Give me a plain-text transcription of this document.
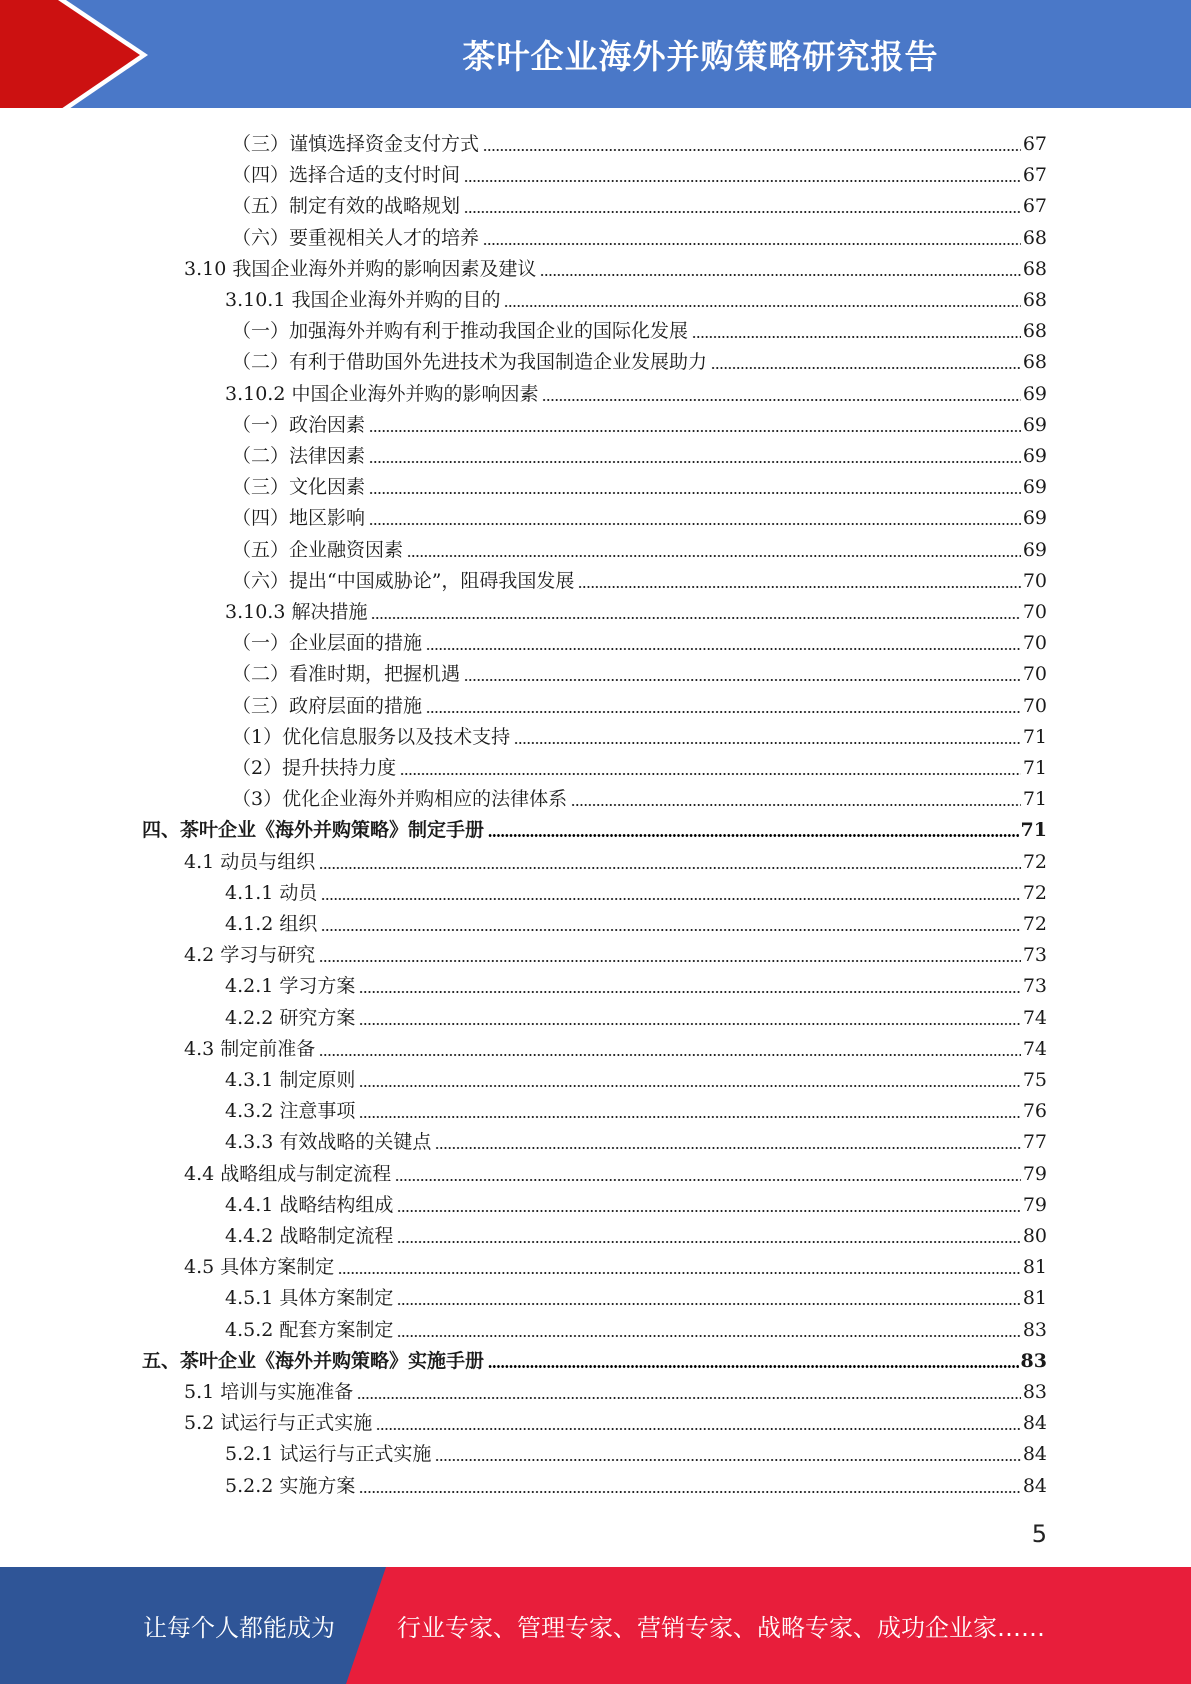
茶叶企业海外并购策略研究报告
（三）谨慎选择资金支付方式	67
（四）选择合适的支付时间	67
（五）制定有效的战略规划	67
（六）要重视相关人才的培养	68
3.10 我国企业海外并购的影响因素及建议	68
3.10.1 我国企业海外并购的目的	68
（一）加强海外并购有利于推动我国企业的国际化发展	68
（二）有利于借助国外先进技术为我国制造企业发展助力	68
3.10.2 中国企业海外并购的影响因素	69
（一）政治因素	69
（二）法律因素	69
（三）文化因素	69
（四）地区影响	69
（五）企业融资因素	69
（六）提出“中国威胁论”，阻碍我国发展	70
3.10.3 解决措施	70
（一）企业层面的措施	70
（二）看准时期，把握机遇	70
（三）政府层面的措施	70
（1）优化信息服务以及技术支持	71
（2）提升扶持力度	71
（3）优化企业海外并购相应的法律体系	71
四、茶叶企业《海外并购策略》制定手册	71
4.1 动员与组织	72
4.1.1 动员	72
4.1.2 组织	72
4.2 学习与研究	73
4.2.1 学习方案	73
4.2.2 研究方案	74
4.3 制定前准备	74
4.3.1 制定原则	75
4.3.2 注意事项	76
4.3.3 有效战略的关键点	77
4.4 战略组成与制定流程	79
4.4.1 战略结构组成	79
4.4.2 战略制定流程	80
4.5 具体方案制定	81
4.5.1 具体方案制定	81
4.5.2 配套方案制定	83
五、茶叶企业《海外并购策略》实施手册	83
5.1 培训与实施准备	83
5.2 试运行与正式实施	84
5.2.1 试运行与正式实施	84
5.2.2 实施方案	84
5
让每个人都能成为	行业专家、管理专家、营销专家、战略专家、成功企业家……
